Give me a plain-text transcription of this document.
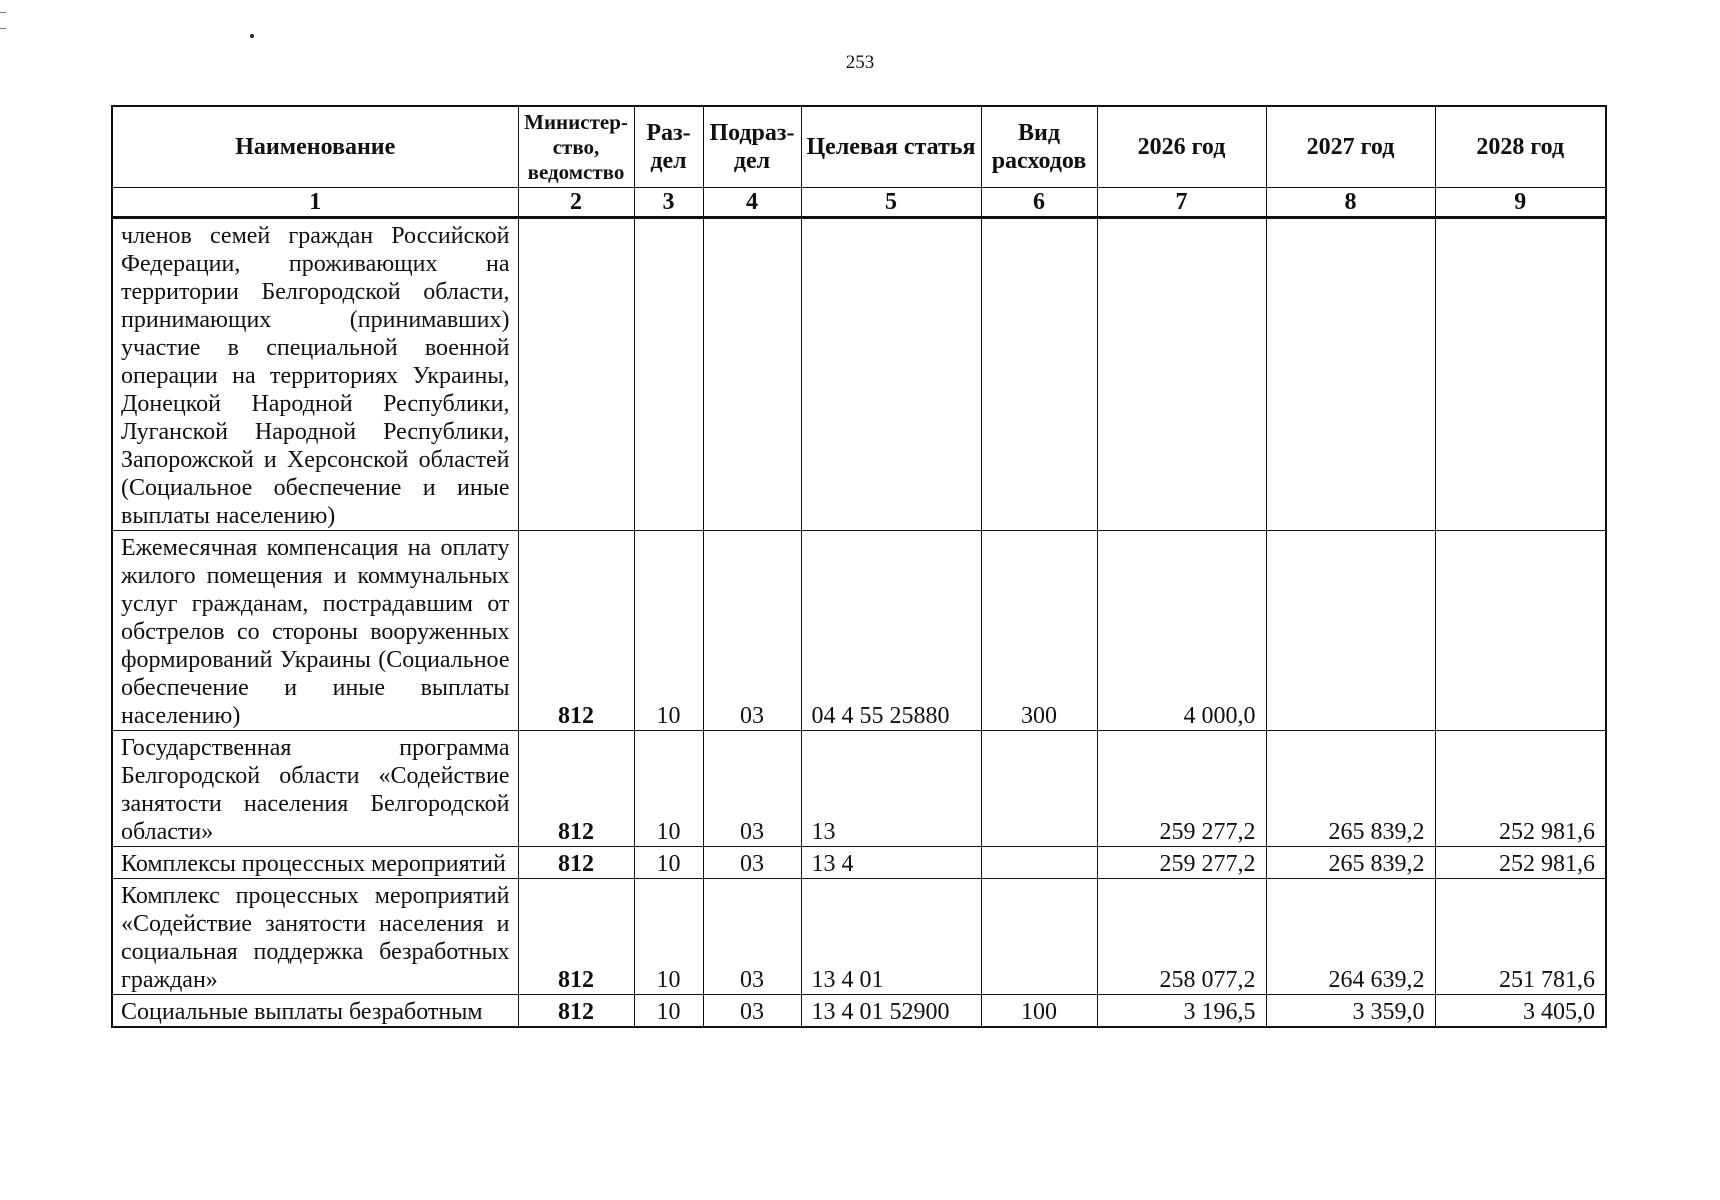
253
Наименование	Министер-ство, ведомство	Раз-дел	Подраз-дел	Целевая статья	Вид расходов	2026 год	2027 год	2028 год
1	2	3	4	5	6	7	8	9
членов семей граждан Российской Федерации, проживающих на территории Белгородской области, принимающих (принимавших) участие в специальной военной операции на территориях Украины, Донецкой Народной Республики, Луганской Народной Республики, Запорожской и Херсонской областей (Социальное обеспечение и иные выплаты населению)								
Ежемесячная компенсация на оплату жилого помещения и коммунальных услуг гражданам, пострадавшим от обстрелов со стороны вооруженных формирований Украины (Социальное обеспечение и иные выплаты населению)	812	10	03	04 4 55 25880	300	4 000,0		
Государственная программа Белгородской области «Содействие занятости населения Белгородской области»	812	10	03	13		259 277,2	265 839,2	252 981,6
Комплексы процессных мероприятий	812	10	03	13 4		259 277,2	265 839,2	252 981,6
Комплекс процессных мероприятий «Содействие занятости населения и социальная поддержка безработных граждан»	812	10	03	13 4 01		258 077,2	264 639,2	251 781,6
Социальные выплаты безработным	812	10	03	13 4 01 52900	100	3 196,5	3 359,0	3 405,0
